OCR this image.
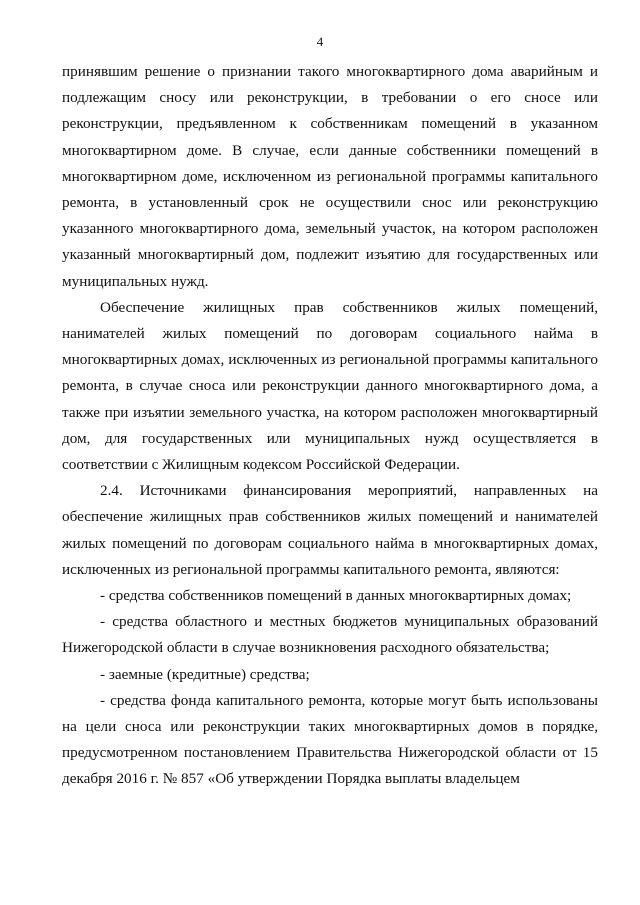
4

принявшим решение о признании такого многоквартирного дома аварийным и подлежащим сносу или реконструкции, в требовании о его сносе или реконструкции, предъявленном к собственникам помещений в указанном многоквартирном доме. В случае, если данные собственники помещений в многоквартирном доме, исключенном из региональной программы капитального ремонта, в установленный срок не осуществили снос или реконструкцию указанного многоквартирного дома, земельный участок, на котором расположен указанный многоквартирный дом, подлежит изъятию для государственных или муниципальных нужд.

Обеспечение жилищных прав собственников жилых помещений, нанимателей жилых помещений по договорам социального найма в многоквартирных домах, исключенных из региональной программы капитального ремонта, в случае сноса или реконструкции данного многоквартирного дома, а также при изъятии земельного участка, на котором расположен многоквартирный дом, для государственных или муниципальных нужд осуществляется в соответствии с Жилищным кодексом Российской Федерации.

2.4. Источниками финансирования мероприятий, направленных на обеспечение жилищных прав собственников жилых помещений и нанимателей жилых помещений по договорам социального найма в многоквартирных домах, исключенных из региональной программы капитального ремонта, являются:

- средства собственников помещений в данных многоквартирных домах;

- средства областного и местных бюджетов муниципальных образований Нижегородской области в случае возникновения расходного обязательства;

- заемные (кредитные) средства;

- средства фонда капитального ремонта, которые могут быть использованы на цели сноса или реконструкции таких многоквартирных домов в порядке, предусмотренном постановлением Правительства Нижегородской области от 15 декабря 2016 г. № 857 «Об утверждении Порядка выплаты владельцем
